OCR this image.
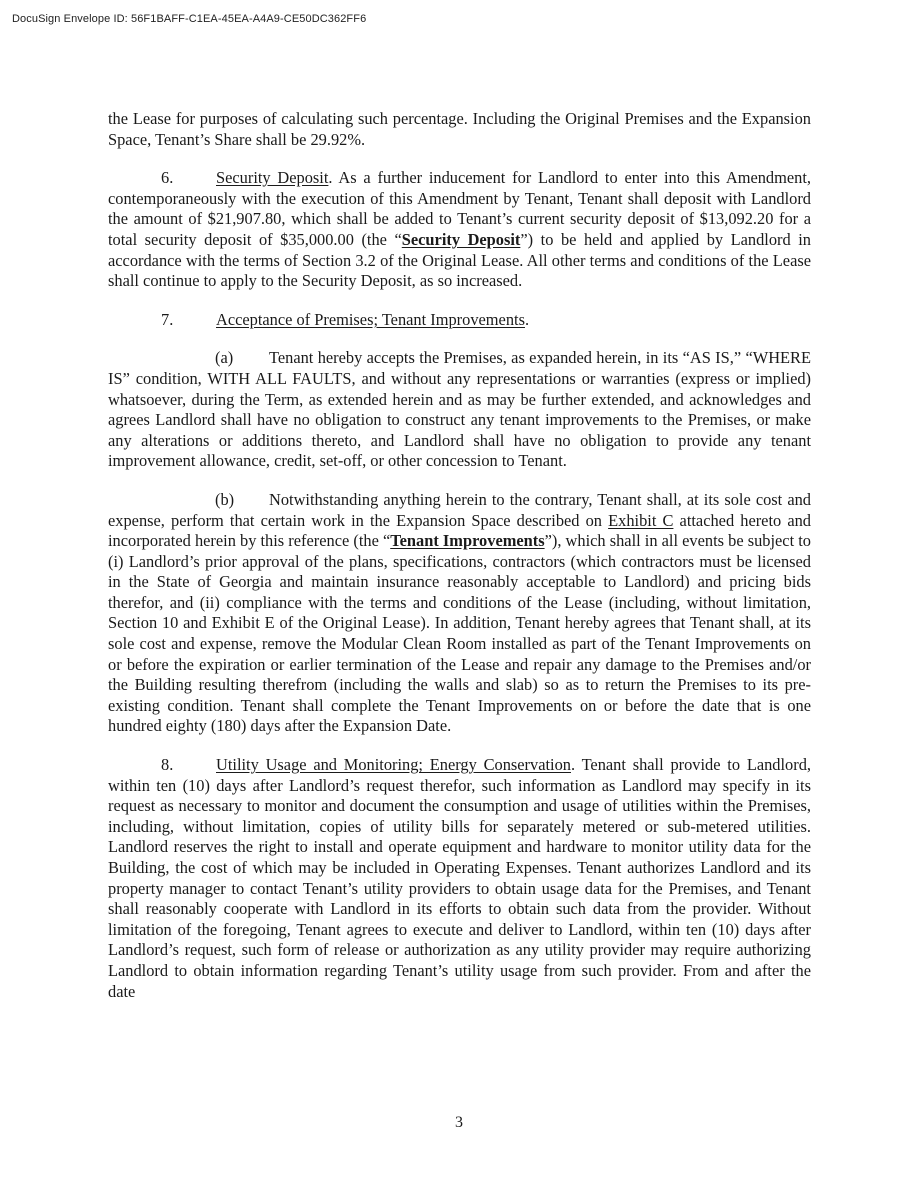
DocuSign Envelope ID: 56F1BAFF-C1EA-45EA-A4A9-CE50DC362FF6

the Lease for purposes of calculating such percentage. Including the Original Premises and the Expansion Space, Tenant’s Share shall be 29.92%.

6.	Security Deposit. As a further inducement for Landlord to enter into this Amendment, contemporaneously with the execution of this Amendment by Tenant, Tenant shall deposit with Landlord the amount of $21,907.80, which shall be added to Tenant’s current security deposit of $13,092.20 for a total security deposit of $35,000.00 (the “Security Deposit”) to be held and applied by Landlord in accordance with the terms of Section 3.2 of the Original Lease. All other terms and conditions of the Lease shall continue to apply to the Security Deposit, as so increased.

7.	Acceptance of Premises; Tenant Improvements.

(a) Tenant hereby accepts the Premises, as expanded herein, in its “AS IS,” “WHERE IS” condition, WITH ALL FAULTS, and without any representations or warranties (express or implied) whatsoever, during the Term, as extended herein and as may be further extended, and acknowledges and agrees Landlord shall have no obligation to construct any tenant improvements to the Premises, or make any alterations or additions thereto, and Landlord shall have no obligation to provide any tenant improvement allowance, credit, set-off, or other concession to Tenant.

(b) Notwithstanding anything herein to the contrary, Tenant shall, at its sole cost and expense, perform that certain work in the Expansion Space described on Exhibit C attached hereto and incorporated herein by this reference (the “Tenant Improvements”), which shall in all events be subject to (i) Landlord’s prior approval of the plans, specifications, contractors (which contractors must be licensed in the State of Georgia and maintain insurance reasonably acceptable to Landlord) and pricing bids therefor, and (ii) compliance with the terms and conditions of the Lease (including, without limitation, Section 10 and Exhibit E of the Original Lease). In addition, Tenant hereby agrees that Tenant shall, at its sole cost and expense, remove the Modular Clean Room installed as part of the Tenant Improvements on or before the expiration or earlier termination of the Lease and repair any damage to the Premises and/or the Building resulting therefrom (including the walls and slab) so as to return the Premises to its pre-existing condition. Tenant shall complete the Tenant Improvements on or before the date that is one hundred eighty (180) days after the Expansion Date.

8.	Utility Usage and Monitoring; Energy Conservation. Tenant shall provide to Landlord, within ten (10) days after Landlord’s request therefor, such information as Landlord may specify in its request as necessary to monitor and document the consumption and usage of utilities within the Premises, including, without limitation, copies of utility bills for separately metered or sub-metered utilities. Landlord reserves the right to install and operate equipment and hardware to monitor utility data for the Building, the cost of which may be included in Operating Expenses. Tenant authorizes Landlord and its property manager to contact Tenant’s utility providers to obtain usage data for the Premises, and Tenant shall reasonably cooperate with Landlord in its efforts to obtain such data from the provider. Without limitation of the foregoing, Tenant agrees to execute and deliver to Landlord, within ten (10) days after Landlord’s request, such form of release or authorization as any utility provider may require authorizing Landlord to obtain information regarding Tenant’s utility usage from such provider. From and after the date

3
